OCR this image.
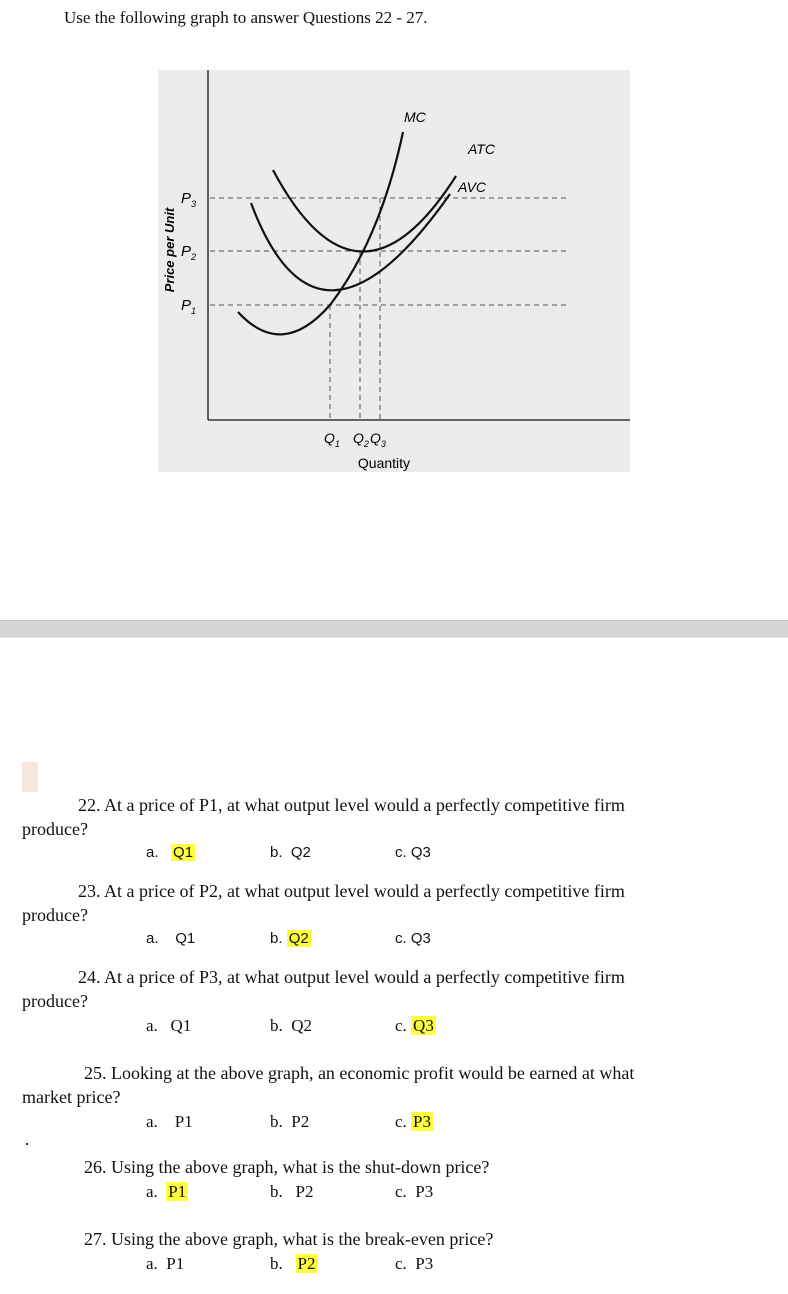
Use the following graph to answer Questions 22 - 27.
MC
ATC
AVC
Price per Unit
$P_3$
$P_2$
$P_1$
$Q_1$ $Q_2$ $Q_3$
Quantity
22. At a price of P1, at what output level would a perfectly competitive firm
produce?
a. Q1	b. Q2	c. Q3
23. At a price of P2, at what output level would a perfectly competitive firm
produce?
a. Q1	b. Q2	c. Q3
24. At a price of P3, at what output level would a perfectly competitive firm
produce?
a. Q1	b. Q2	c. Q3
25. Looking at the above graph, an economic profit would be earned at what
market price?
a. P1	b. P2	c. P3
26. Using the above graph, what is the shut-down price?
a. P1	b. P2	c. P3
27. Using the above graph, what is the break-even price?
a. P1	b. P2	c. P3
